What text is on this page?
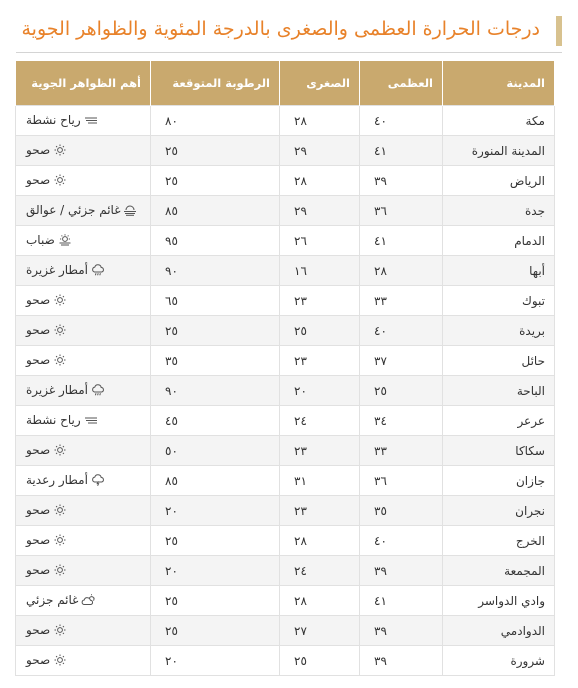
درجات الحرارة العظمى والصغرى بالدرجة المئوية والظواهر الجوية
المدينة	العظمى	الصغرى	الرطوبة المتوقعة	أهم الظواهر الجوية
مكة	٤٠	٢٨	٨٠	رياح نشطة

المدينة المنورة	٤١	٢٩	٢٥	صحو

الرياض	٣٩	٢٨	٢٥	صحو

جدة	٣٦	٢٩	٨٥	غائم جزئي / عوالق

الدمام	٤١	٢٦	٩٥	ضباب

أبها	٢٨	١٦	٩٠	أمطار غزيرة

تبوك	٣٣	٢٣	٦٥	صحو

بريدة	٤٠	٢٥	٢٥	صحو

حائل	٣٧	٢٣	٣٥	صحو

الباحة	٢٥	٢٠	٩٠	أمطار غزيرة

عرعر	٣٤	٢٤	٤٥	رياح نشطة

سكاكا	٣٣	٢٣	٥٠	صحو

جازان	٣٦	٣١	٨٥	أمطار رعدية

نجران	٣٥	٢٣	٢٠	صحو

الخرج	٤٠	٢٨	٢٥	صحو

المجمعة	٣٩	٢٤	٢٠	صحو

وادي الدواسر	٤١	٢٨	٢٥	غائم جزئي

الدوادمي	٣٩	٢٧	٢٥	صحو

شرورة	٣٩	٢٥	٢٠	صحو
